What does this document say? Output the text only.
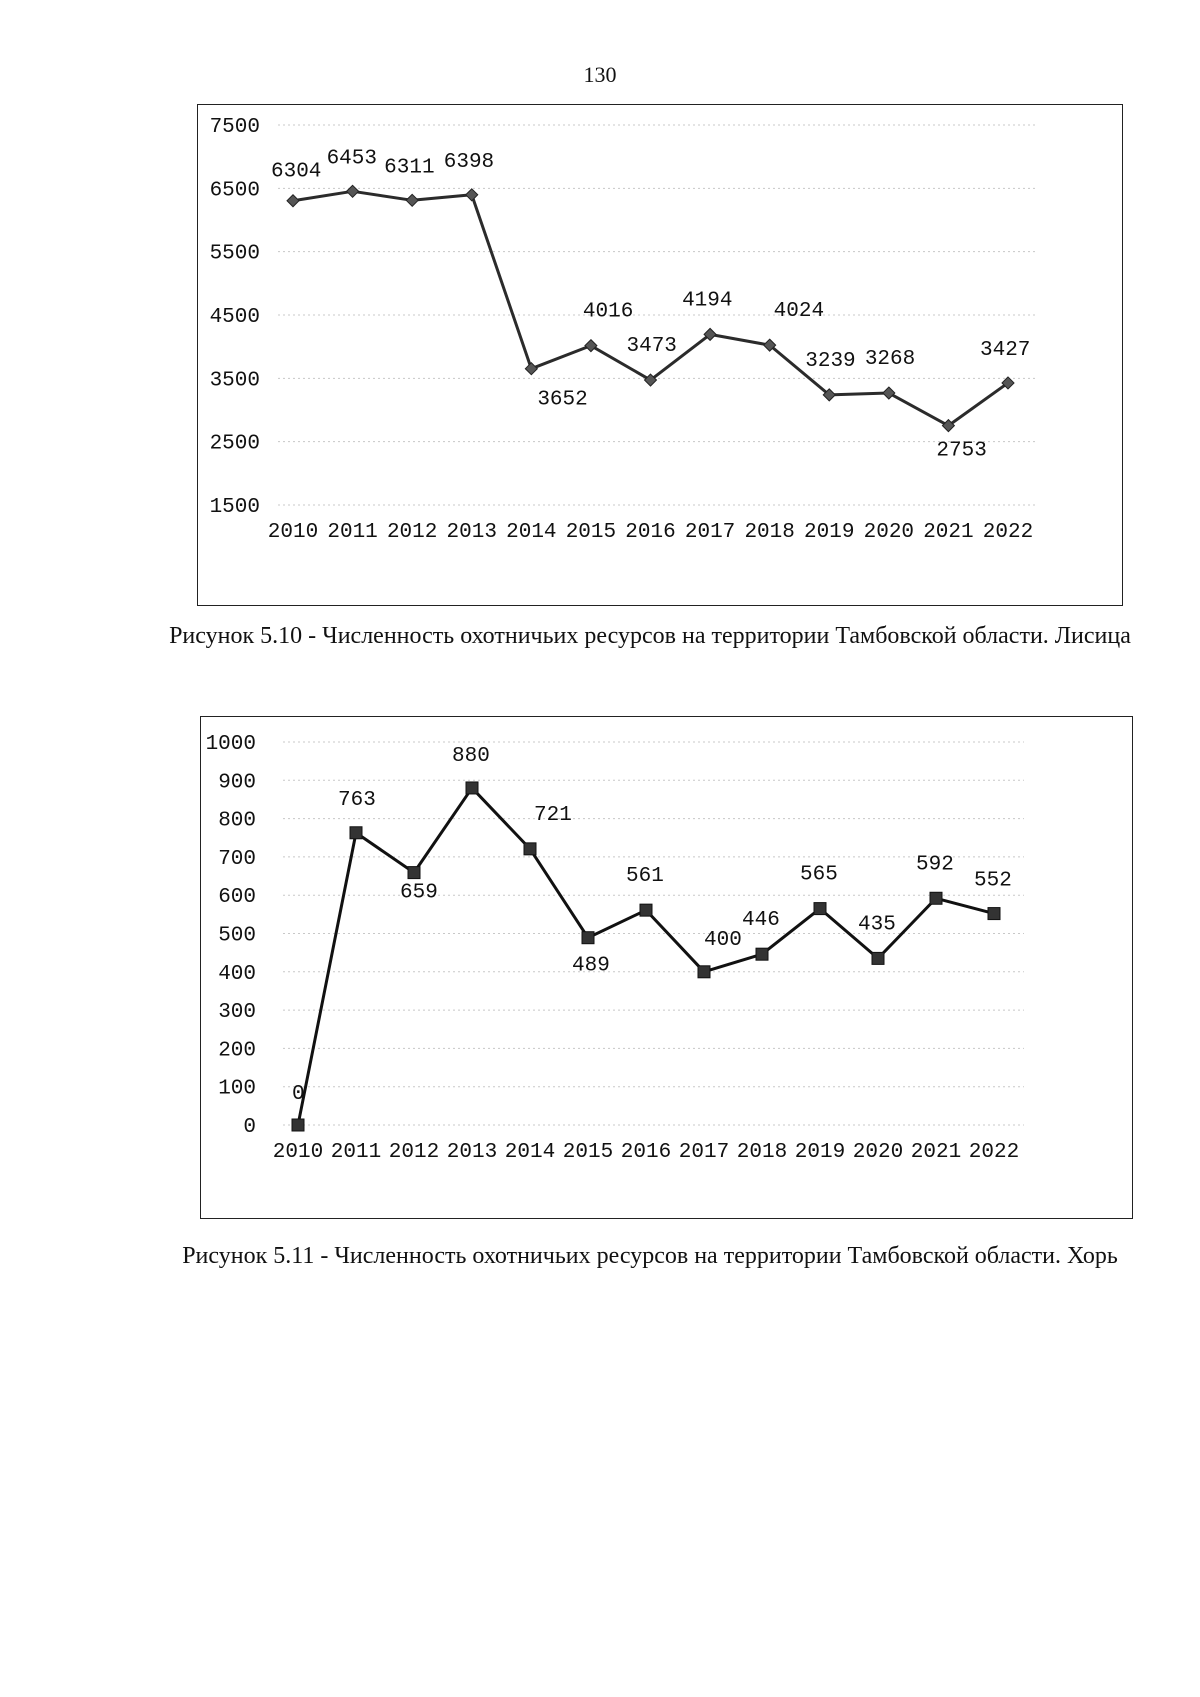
130
1500
2500
3500
4500
5500
6500
7500
2010 2011 2012 2013 2014 2015 2016 2017 2018 2019 2020 2021 2022
6304
6453 6311 6398
3652
4016
3473
4194 4024
3239 3268
2753
3427
Рисунок 5.10 - Численность охотничьих ресурсов на территории Тамбовской области. Лисица
0
100
200
300
400
500
600
700
800
900
1000
2010 2011 2012 2013 2014 2015 2016 2017 2018 2019 2020 2021 2022
0
763
659
880
721
489
561
400
446
565
435
592
552
Рисунок 5.11 - Численность охотничьих ресурсов на территории Тамбовской области. Хорь
